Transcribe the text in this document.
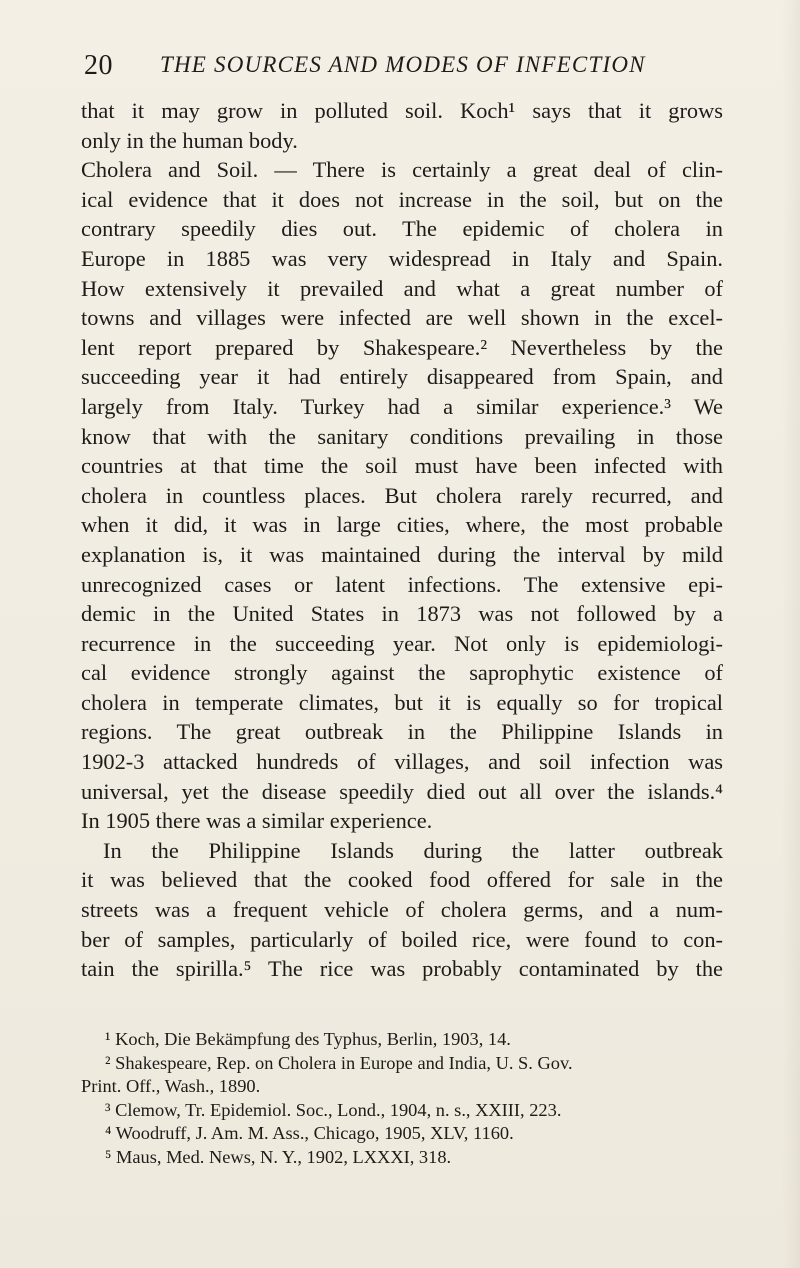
20 THE SOURCES AND MODES OF INFECTION
that it may grow in polluted soil. Koch¹ says that it grows
only in the human body.
Cholera and Soil. — There is certainly a great deal of clin-
ical evidence that it does not increase in the soil, but on the
contrary speedily dies out. The epidemic of cholera in
Europe in 1885 was very widespread in Italy and Spain.
How extensively it prevailed and what a great number of
towns and villages were infected are well shown in the excel-
lent report prepared by Shakespeare.² Nevertheless by the
succeeding year it had entirely disappeared from Spain, and
largely from Italy. Turkey had a similar experience.³ We
know that with the sanitary conditions prevailing in those
countries at that time the soil must have been infected with
cholera in countless places. But cholera rarely recurred, and
when it did, it was in large cities, where, the most probable
explanation is, it was maintained during the interval by mild
unrecognized cases or latent infections. The extensive epi-
demic in the United States in 1873 was not followed by a
recurrence in the succeeding year. Not only is epidemiologi-
cal evidence strongly against the saprophytic existence of
cholera in temperate climates, but it is equally so for tropical
regions. The great outbreak in the Philippine Islands in
1902-3 attacked hundreds of villages, and soil infection was
universal, yet the disease speedily died out all over the islands.⁴
In 1905 there was a similar experience.
In the Philippine Islands during the latter outbreak
it was believed that the cooked food offered for sale in the
streets was a frequent vehicle of cholera germs, and a num-
ber of samples, particularly of boiled rice, were found to con-
tain the spirilla.⁵ The rice was probably contaminated by the
¹ Koch, Die Bekämpfung des Typhus, Berlin, 1903, 14.
² Shakespeare, Rep. on Cholera in Europe and India, U. S. Gov.
Print. Off., Wash., 1890.
³ Clemow, Tr. Epidemiol. Soc., Lond., 1904, n. s., XXIII, 223.
⁴ Woodruff, J. Am. M. Ass., Chicago, 1905, XLV, 1160.
⁵ Maus, Med. News, N. Y., 1902, LXXXI, 318.
